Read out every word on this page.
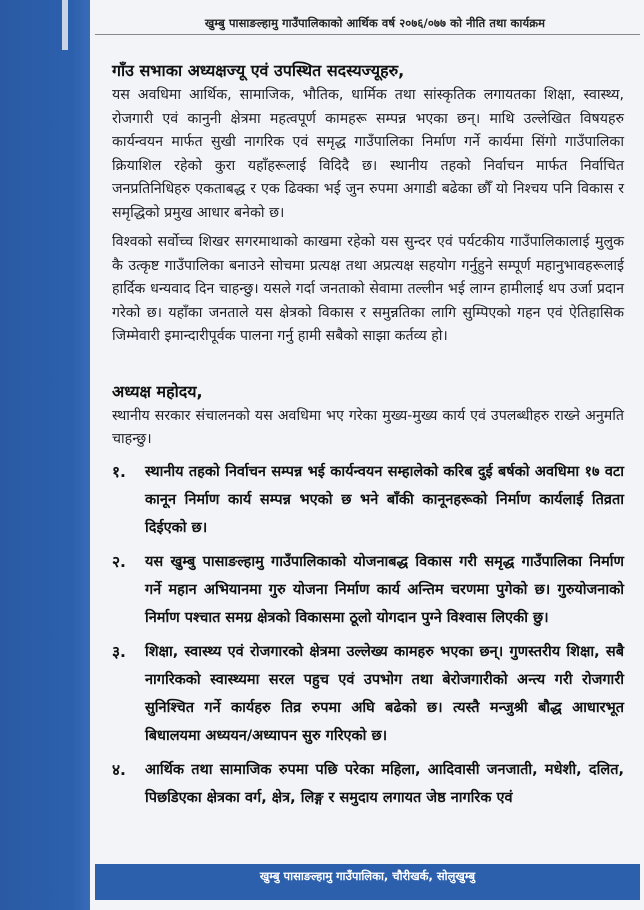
खुम्बु पासाङल्हामु गाउँपालिकाको आर्थिक वर्ष २०७६/०७७ को नीति तथा कार्यक्रम
गाँउ सभाका अध्यक्षज्यू एवं उपस्थित सदस्यज्यूहरु,

यस अवधिमा आर्थिक, सामाजिक, भौतिक, धार्मिक तथा सांस्कृतिक लगायतका शिक्षा, स्वास्थ्य, रोजगारी एवं कानुनी क्षेत्रमा महत्वपूर्ण कामहरू सम्पन्न भएका छन्। माथि उल्लेखित विषयहरु कार्यन्वयन मार्फत सुखी नागरिक एवं समृद्ध गाउँपालिका निर्माण गर्ने कार्यमा सिंगो गाउँपालिका क्रियाशिल रहेको कुरा यहाँहरूलाई विदिदै छ। स्थानीय तहको निर्वाचन मार्फत निर्वाचित जनप्रतिनिधिहरु एकताबद्ध र एक ढिक्का भई जुन रुपमा अगाडी बढेका छौँ यो निश्चय पनि विकास र समृद्धिको प्रमुख आधार बनेको छ।

विश्वको सर्वोच्च शिखर सगरमाथाको काखमा रहेको यस सुन्दर एवं पर्यटकीय गाउँपालिकालाई मुलुक कै उत्कृष्ट गाउँपालिका बनाउने सोचमा प्रत्यक्ष तथा अप्रत्यक्ष सहयोग गर्नुहुने सम्पूर्ण महानुभावहरूलाई हार्दिक धन्यवाद दिन चाहन्छु। यसले गर्दा जनताको सेवामा तल्लीन भई लाग्न हामीलाई थप उर्जा प्रदान गरेको छ। यहाँका जनताले यस क्षेत्रको विकास र समुन्नतिका लागि सुम्पिएको गहन एवं ऐतिहासिक जिम्मेवारी इमान्दारीपूर्वक पालना गर्नु हामी सबैको साझा कर्तव्य हो।

अध्यक्ष महोदय,

स्थानीय सरकार संचालनको यस अवधिमा भए गरेका मुख्य-मुख्य कार्य एवं उपलब्धीहरु राख्ने अनुमति चाहन्छु।

१.	स्थानीय तहको निर्वाचन सम्पन्न भई कार्यन्वयन सम्हालेको करिब दुई बर्षको अवधिमा १७ वटा कानून निर्माण कार्य सम्पन्न भएको छ भने बाँकी कानूनहरूको निर्माण कार्यलाई तिव्रता दिईएको छ।
२.	यस खुम्बु पासाङल्हामु गाउँपालिकाको योजनाबद्ध विकास गरी समृद्ध गाउँपालिका निर्माण गर्ने महान अभियानमा गुरु योजना निर्माण कार्य अन्तिम चरणमा पुगेको छ। गुरुयोजनाको निर्माण पश्चात समग्र क्षेत्रको विकासमा ठूलो योगदान पुग्ने विश्वास लिएकी छु।
३.	शिक्षा, स्वास्थ्य एवं रोजगारको क्षेत्रमा उल्लेख्य कामहरु भएका छन्। गुणस्तरीय शिक्षा, सबै नागरिकको स्वास्थ्यमा सरल पहुच एवं उपभोग तथा बेरोजगारीको अन्त्य गरी रोजगारी सुनिश्चित गर्ने कार्यहरु तिव्र रुपमा अघि बढेको छ। त्यस्तै मन्जुश्री बौद्ध आधारभूत बिधालयमा अध्ययन/अध्यापन सुरु गरिएको छ।
४.	आर्थिक तथा सामाजिक रुपमा पछि परेका महिला, आदिवासी जनजाती, मधेशी, दलित, पिछडिएका क्षेत्रका वर्ग, क्षेत्र, लिङ्ग र समुदाय लगायत जेष्ठ नागरिक एवं
खुम्बु पासाङल्हामु गाउँपालिका, चौरीखर्क, सोलुखुम्बु
